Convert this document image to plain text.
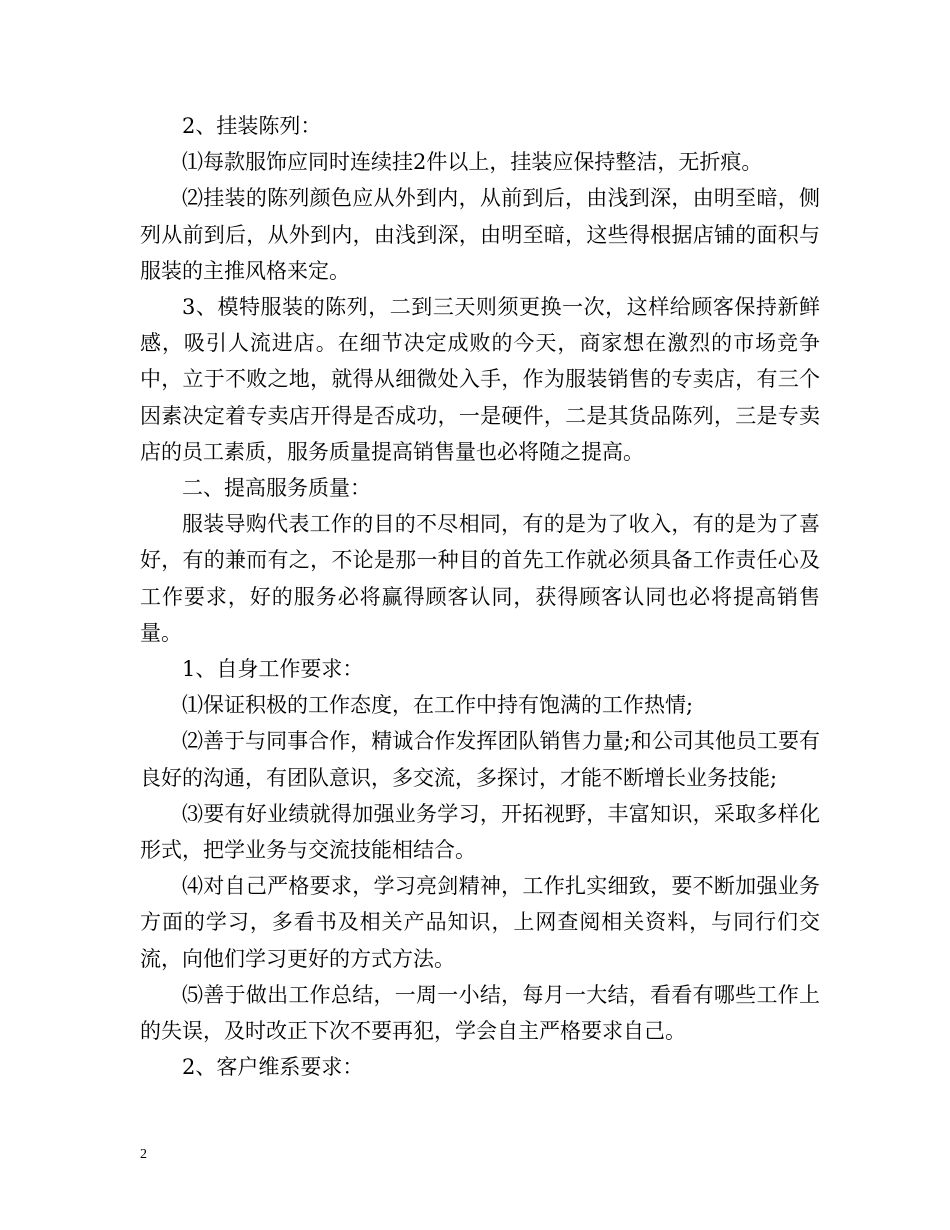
2、挂装陈列：

⑴每款服饰应同时连续挂2件以上，挂装应保持整洁，无折痕。

⑵挂装的陈列颜色应从外到内，从前到后，由浅到深，由明至暗，侧列从前到后，从外到内，由浅到深，由明至暗，这些得根据店铺的面积与服装的主推风格来定。

3、模特服装的陈列，二到三天则须更换一次，这样给顾客保持新鲜感，吸引人流进店。在细节决定成败的今天，商家想在激烈的市场竞争中，立于不败之地，就得从细微处入手，作为服装销售的专卖店，有三个因素决定着专卖店开得是否成功，一是硬件，二是其货品陈列，三是专卖店的员工素质，服务质量提高销售量也必将随之提高。

二、提高服务质量：

服装导购代表工作的目的不尽相同，有的是为了收入，有的是为了喜好，有的兼而有之，不论是那一种目的首先工作就必须具备工作责任心及工作要求，好的服务必将赢得顾客认同，获得顾客认同也必将提高销售量。

1、自身工作要求：

⑴保证积极的工作态度，在工作中持有饱满的工作热情;

⑵善于与同事合作，精诚合作发挥团队销售力量;和公司其他员工要有良好的沟通，有团队意识，多交流，多探讨，才能不断增长业务技能;

⑶要有好业绩就得加强业务学习，开拓视野，丰富知识，采取多样化形式，把学业务与交流技能相结合。

⑷对自己严格要求，学习亮剑精神，工作扎实细致，要不断加强业务方面的学习，多看书及相关产品知识，上网查阅相关资料，与同行们交流，向他们学习更好的方式方法。

⑸善于做出工作总结，一周一小结，每月一大结，看看有哪些工作上的失误，及时改正下次不要再犯，学会自主严格要求自己。

2、客户维系要求：

2
